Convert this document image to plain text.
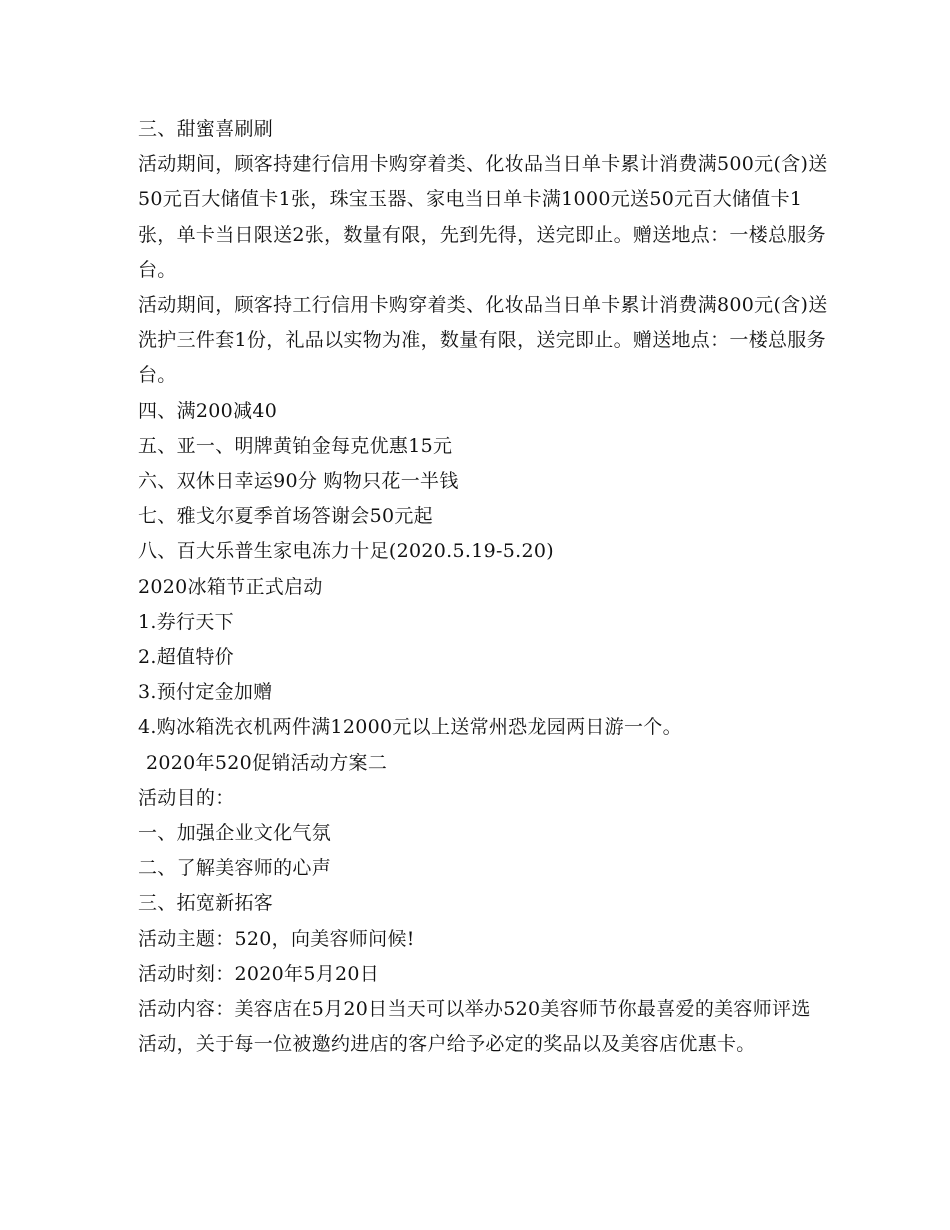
三、甜蜜喜刷刷

活动期间，顾客持建行信用卡购穿着类、化妆品当日单卡累计消费满500元(含)送50元百大储值卡1张，珠宝玉器、家电当日单卡满1000元送50元百大储值卡1张，单卡当日限送2张，数量有限，先到先得，送完即止。赠送地点：一楼总服务台。

活动期间，顾客持工行信用卡购穿着类、化妆品当日单卡累计消费满800元(含)送洗护三件套1份，礼品以实物为准，数量有限，送完即止。赠送地点：一楼总服务台。

四、满200减40

五、亚一、明牌黄铂金每克优惠15元

六、双休日幸运90分 购物只花一半钱

七、雅戈尔夏季首场答谢会50元起

八、百大乐普生家电冻力十足(2020.5.19-5.20)

2020冰箱节正式启动

1.券行天下

2.超值特价

3.预付定金加赠

4.购冰箱洗衣机两件满12000元以上送常州恐龙园两日游一个。

2020年520促销活动方案二

活动目的：

一、加强企业文化气氛

二、了解美容师的心声

三、拓宽新拓客

活动主题：520，向美容师问候!

活动时刻：2020年5月20日

活动内容：美容店在5月20日当天可以举办520美容师节你最喜爱的美容师评选活动，关于每一位被邀约进店的客户给予必定的奖品以及美容店优惠卡。
